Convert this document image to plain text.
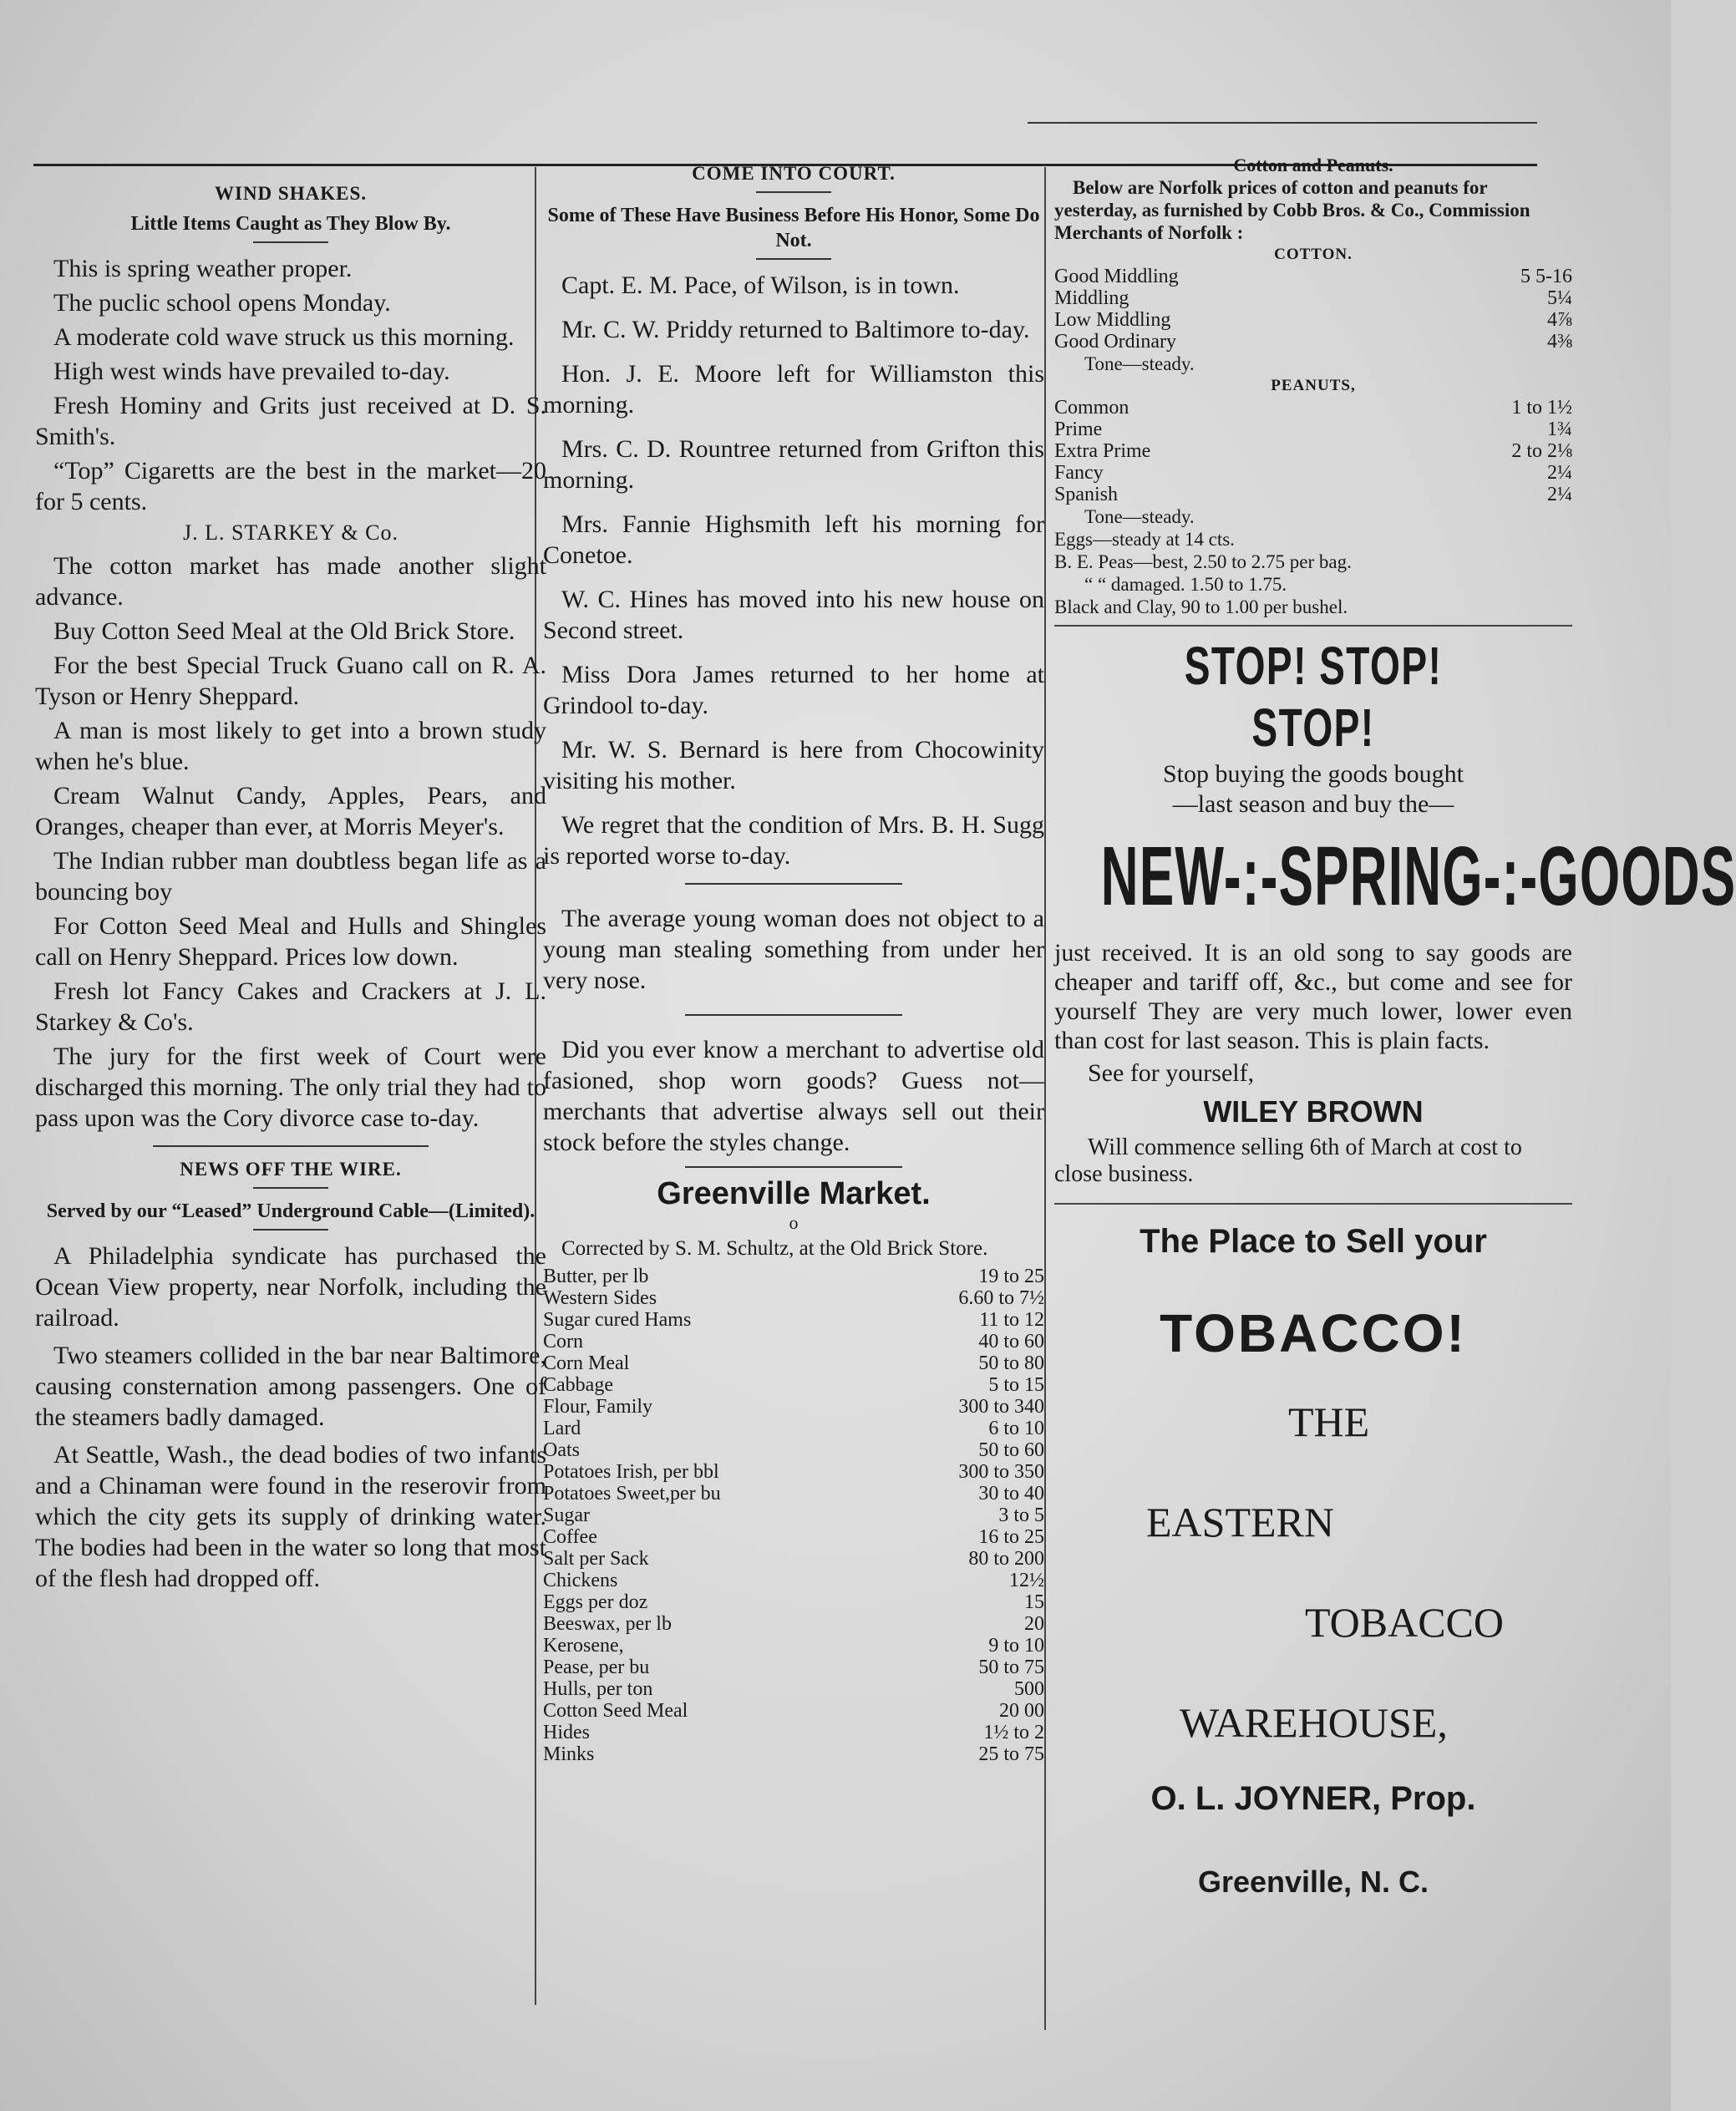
WIND SHAKES.
Little Items Caught as They Blow By.

This is spring weather proper.

The puclic school opens Monday.

A moderate cold wave struck us this morning.

High west winds have prevailed to-day.

Fresh Hominy and Grits just received at D. S. Smith's.

“Top” Cigaretts are the best in the market—20 for 5 cents.

J. L. STARKEY & Co.

The cotton market has made another slight advance.

Buy Cotton Seed Meal at the Old Brick Store.

For the best Special Truck Guano call on R. A. Tyson or Henry Sheppard.

A man is most likely to get into a brown study when he's blue.

Cream Walnut Candy, Apples, Pears, and Oranges, cheaper than ever, at Morris Meyer's.

The Indian rubber man doubtless began life as a bouncing boy

For Cotton Seed Meal and Hulls and Shingles call on Henry Sheppard. Prices low down.

Fresh lot Fancy Cakes and Crackers at J. L. Starkey & Co's.

The jury for the first week of Court were discharged this morning. The only trial they had to pass upon was the Cory divorce case to-day.

NEWS OFF THE WIRE.
Served by our “Leased” Underground Cable—(Limited).

A Philadelphia syndicate has purchased the Ocean View property, near Norfolk, including the railroad.

Two steamers collided in the bar near Baltimore, causing consternation among passengers. One of the steamers badly damaged.

At Seattle, Wash., the dead bodies of two infants and a Chinaman were found in the reserovir from which the city gets its supply of drinking water. The bodies had been in the water so long that most of the flesh had dropped off.

COME INTO COURT.
Some of These Have Business Before His Honor, Some Do Not.

Capt. E. M. Pace, of Wilson, is in town.

Mr. C. W. Priddy returned to Baltimore to-day.

Hon. J. E. Moore left for Williamston this morning.

Mrs. C. D. Rountree returned from Grifton this morning.

Mrs. Fannie Highsmith left his morning for Conetoe.

W. C. Hines has moved into his new house on Second street.

Miss Dora James returned to her home at Grindool to-day.

Mr. W. S. Bernard is here from Chocowinity visiting his mother.

We regret that the condition of Mrs. B. H. Sugg is reported worse to-day.

The average young woman does not object to a young man stealing something from under her very nose.

Did you ever know a merchant to advertise old fasioned, shop worn goods? Guess not—merchants that advertise always sell out their stock before the styles change.

Greenville Market.
o

Corrected by S. M. Schultz, at the Old Brick Store.

Butter, per lb	19 to 25
Western Sides	6.60 to 7½
Sugar cured Hams	11 to 12
Corn	40 to 60
Corn Meal	50 to 80
Cabbage	5 to 15
Flour, Family	300 to 340
Lard	6 to 10
Oats	50 to 60
Potatoes Irish, per bbl	300 to 350
Potatoes Sweet,per bu	30 to 40
Sugar	3 to 5
Coffee	16 to 25
Salt per Sack	80 to 200
Chickens	12½
Eggs per doz	15
Beeswax, per lb	20
Kerosene,	9 to 10
Pease, per bu	50 to 75
Hulls, per ton	500
Cotton Seed Meal	20 00
Hides	1½ to 2
Minks	25 to 75
Cotton and Peanuts.

Below are Norfolk prices of cotton and peanuts for yesterday, as furnished by Cobb Bros. & Co., Commission Merchants of Norfolk :

COTTON.
Good Middling	5 5-16
Middling	5¼
Low Middling	4⅞
Good Ordinary	4⅜

Tone—steady.

PEANUTS,
Common	1 to 1½
Prime	1¾
Extra Prime	2 to 2⅛
Fancy	2¼
Spanish	2¼

Tone—steady.

Eggs—steady at 14 cts.

B. E. Peas—best, 2.50 to 2.75 per bag.

“ “ damaged. 1.50 to 1.75.

Black and Clay, 90 to 1.00 per bushel.

STOP! STOP! STOP!

Stop buying the goods bought

—last season and buy the—

NEW-:-SPRING-:-GOODS

just received. It is an old song to say goods are cheaper and tariff off, &c., but come and see for yourself They are very much lower, lower even than cost for last season. This is plain facts.

See for yourself,

WILEY BROWN

Will commence selling 6th of March at cost to close business.

The Place to Sell your
TOBACCO!
THE
EASTERN
TOBACCO
WAREHOUSE,
O. L. JOYNER, Prop.
Greenville, N. C.
